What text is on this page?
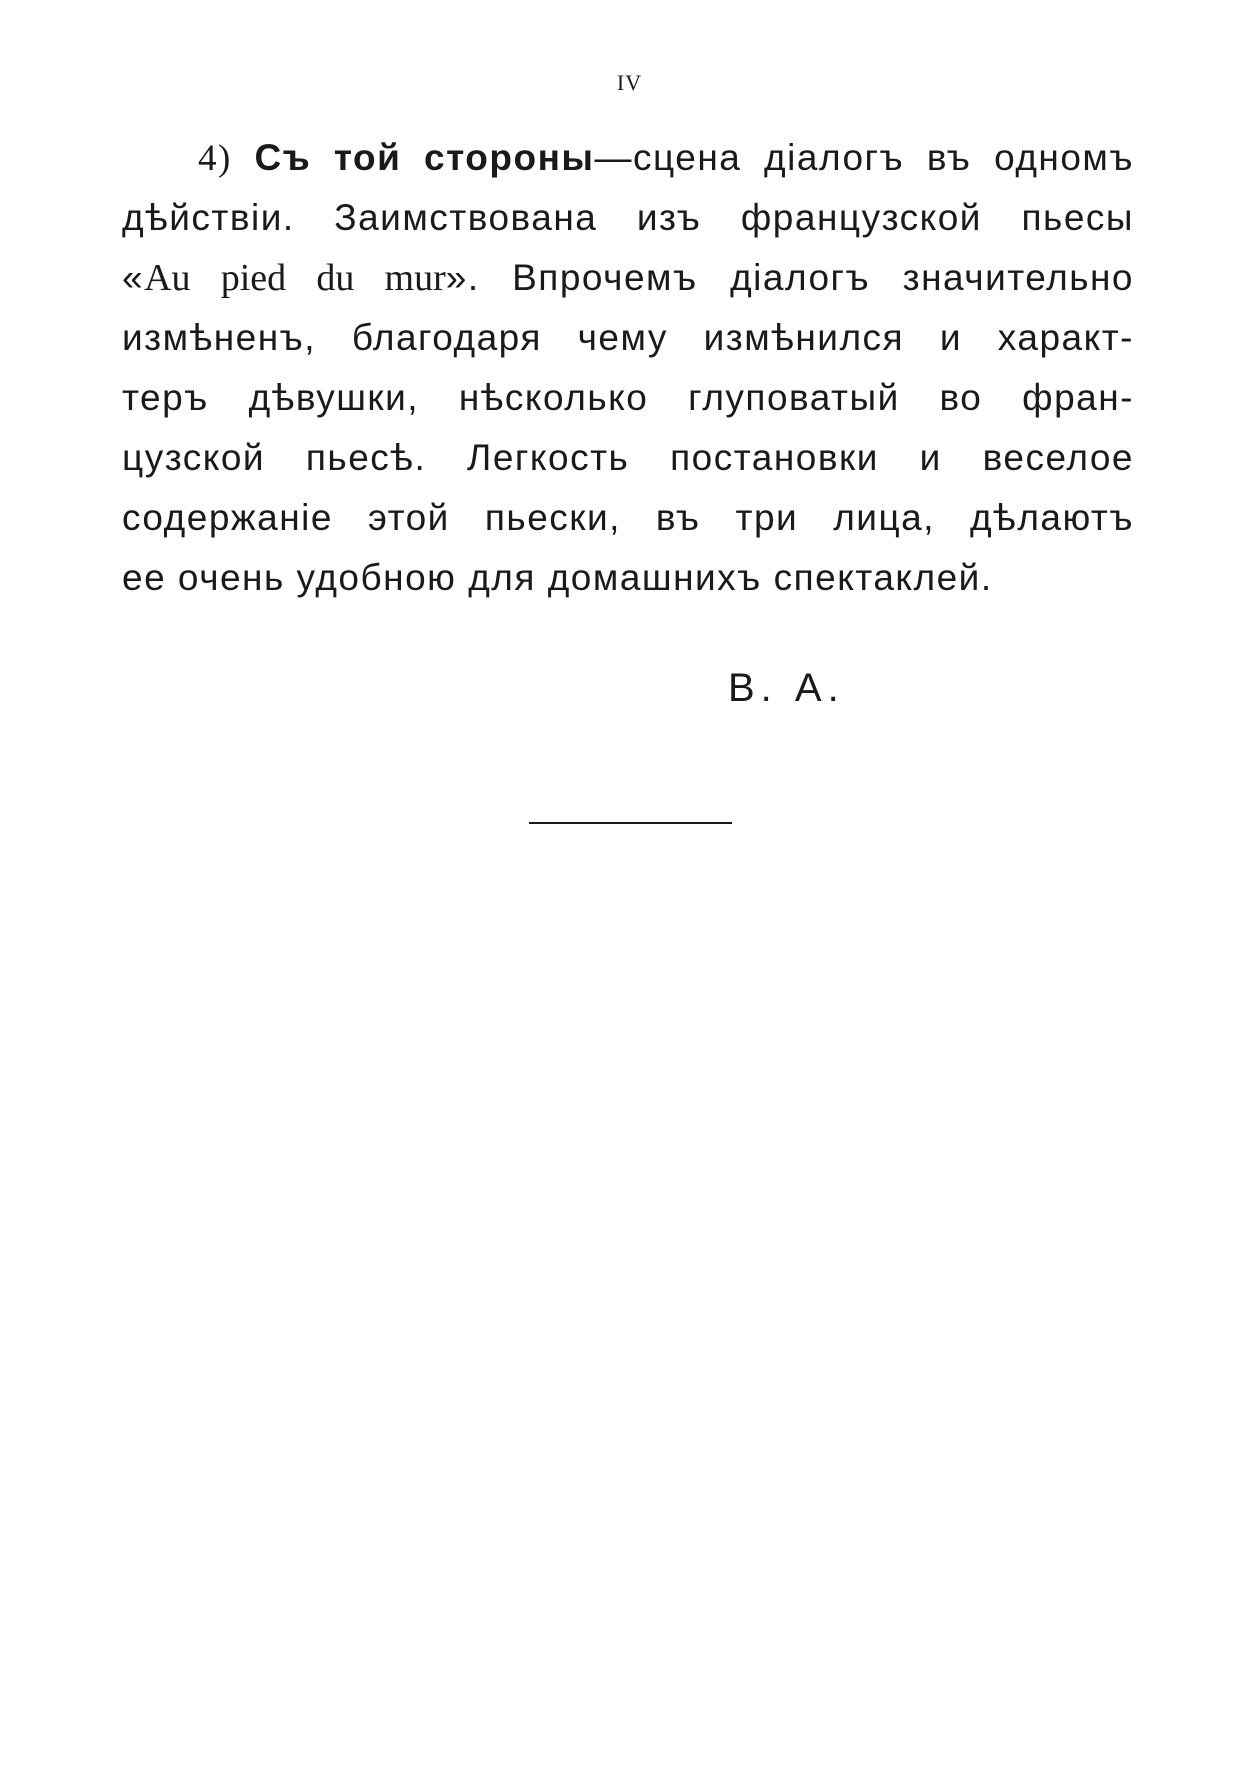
IV
4) Съ той стороны—сцена діалогъ въ одномъ
дѣйствіи. Заимствована изъ французской пьесы
«Au pied du mur». Впрочемъ діалогъ значительно
измѣненъ, благодаря чему измѣнился и характ-
теръ дѣвушки, нѣсколько глуповатый во фран-
цузской пьесѣ. Легкость постановки и веселое
содержаніе этой пьески, въ три лица, дѣлаютъ
ее очень удобною для домашнихъ спектаклей.
В. А.
